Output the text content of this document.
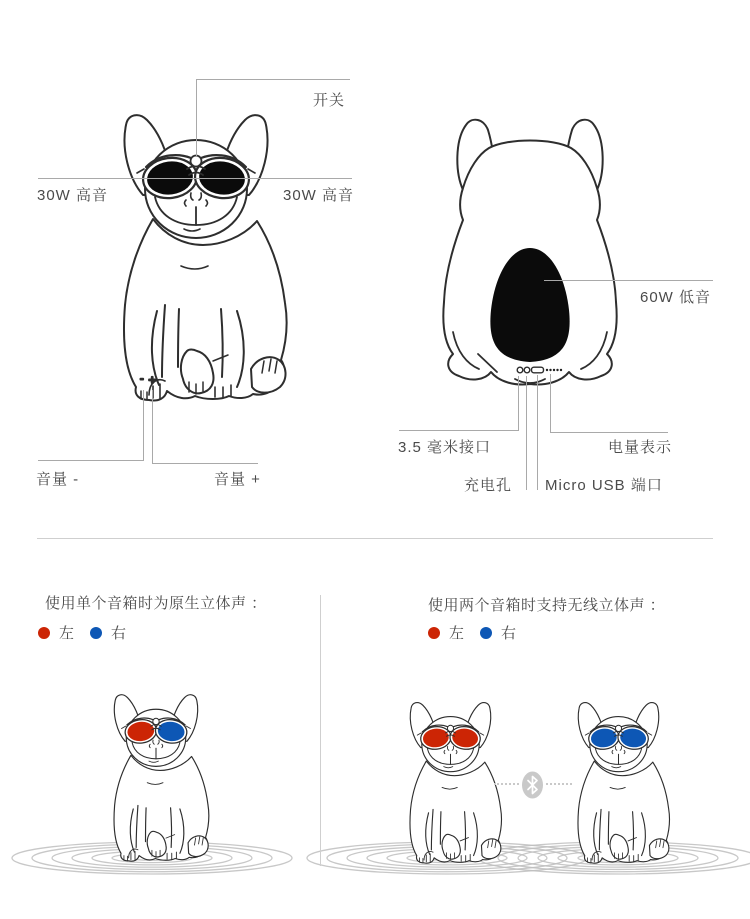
- +
开关
30W 高音	30W 高音
音量 -	音量 +
60W 低音
3.5 毫米接口	电量表示
充电孔 Micro USB 端口
使用单个音箱时为原生立体声 ：
左 右
使用两个音箱时支持无线立体声 ：
左 右
